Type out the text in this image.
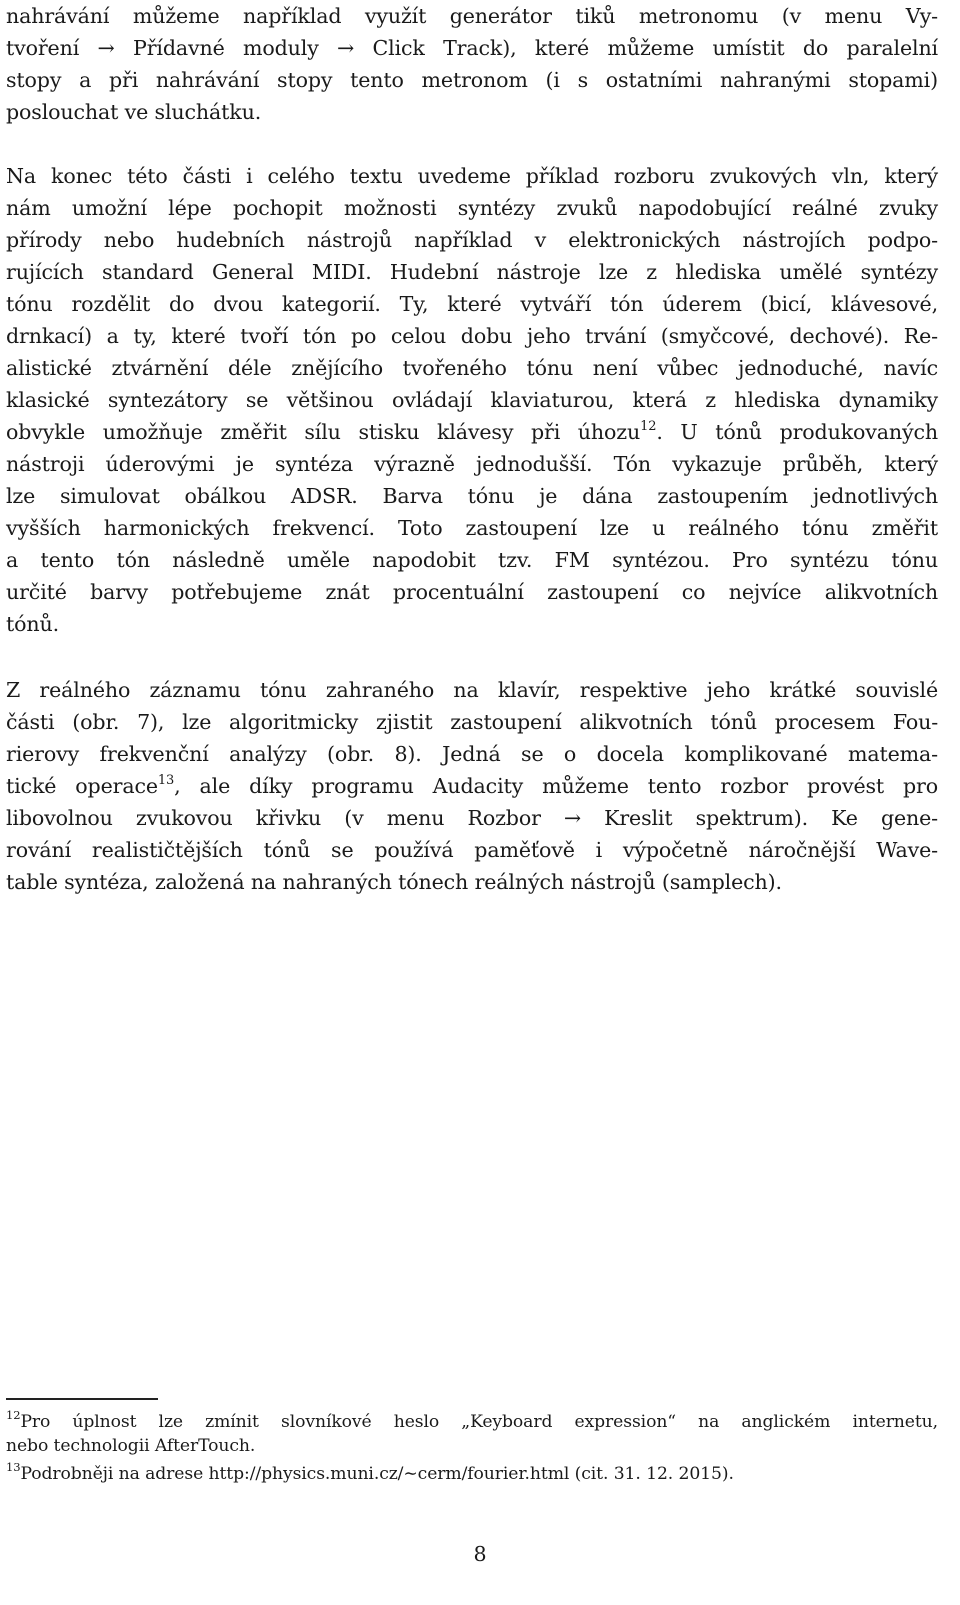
nahrávání můžeme například využít generátor tiků metronomu (v menu Vy-
tvoření → Přídavné moduly → Click Track), které můžeme umístit do paralelní
stopy a při nahrávání stopy tento metronom (i s ostatními nahranými stopami)
poslouchat ve sluchátku.
Na konec této části i celého textu uvedeme příklad rozboru zvukových vln, který
nám umožní lépe pochopit možnosti syntézy zvuků napodobující reálné zvuky
přírody nebo hudebních nástrojů například v elektronických nástrojích podpo-
rujících standard General MIDI. Hudební nástroje lze z hlediska umělé syntézy
tónu rozdělit do dvou kategorií. Ty, které vytváří tón úderem (bicí, klávesové,
drnkací) a ty, které tvoří tón po celou dobu jeho trvání (smyčcové, dechové). Re-
alistické ztvárnění déle znějícího tvořeného tónu není vůbec jednoduché, navíc
klasické syntezátory se většinou ovládají klaviaturou, která z hlediska dynamiky
obvykle umožňuje změřit sílu stisku klávesy při úhozu$^{12}$. U tónů produkovaných
nástroji úderovými je syntéza výrazně jednodušší. Tón vykazuje průběh, který
lze simulovat obálkou ADSR. Barva tónu je dána zastoupením jednotlivých
vyšších harmonických frekvencí. Toto zastoupení lze u reálného tónu změřit
a tento tón následně uměle napodobit tzv. FM syntézou. Pro syntézu tónu
určité barvy potřebujeme znát procentuální zastoupení co nejvíce alikvotních
tónů.
Z reálného záznamu tónu zahraného na klavír, respektive jeho krátké souvislé
části (obr. 7), lze algoritmicky zjistit zastoupení alikvotních tónů procesem Fou-
rierovy frekvenční analýzy (obr. 8). Jedná se o docela komplikované matema-
tické operace$^{13}$, ale díky programu Audacity můžeme tento rozbor provést pro
libovolnou zvukovou křivku (v menu Rozbor → Kreslit spektrum). Ke gene-
rování realističtějších tónů se používá paměťově i výpočetně náročnější Wave-
table syntéza, založená na nahraných tónech reálných nástrojů (samplech).
$^{12}$Pro úplnost lze zmínit slovníkové heslo „Keyboard expression“ na anglickém internetu,
nebo technologii AfterTouch.
$^{13}$Podrobněji na adrese http://physics.muni.cz/∼cerm/fourier.html (cit. 31. 12. 2015).
8
